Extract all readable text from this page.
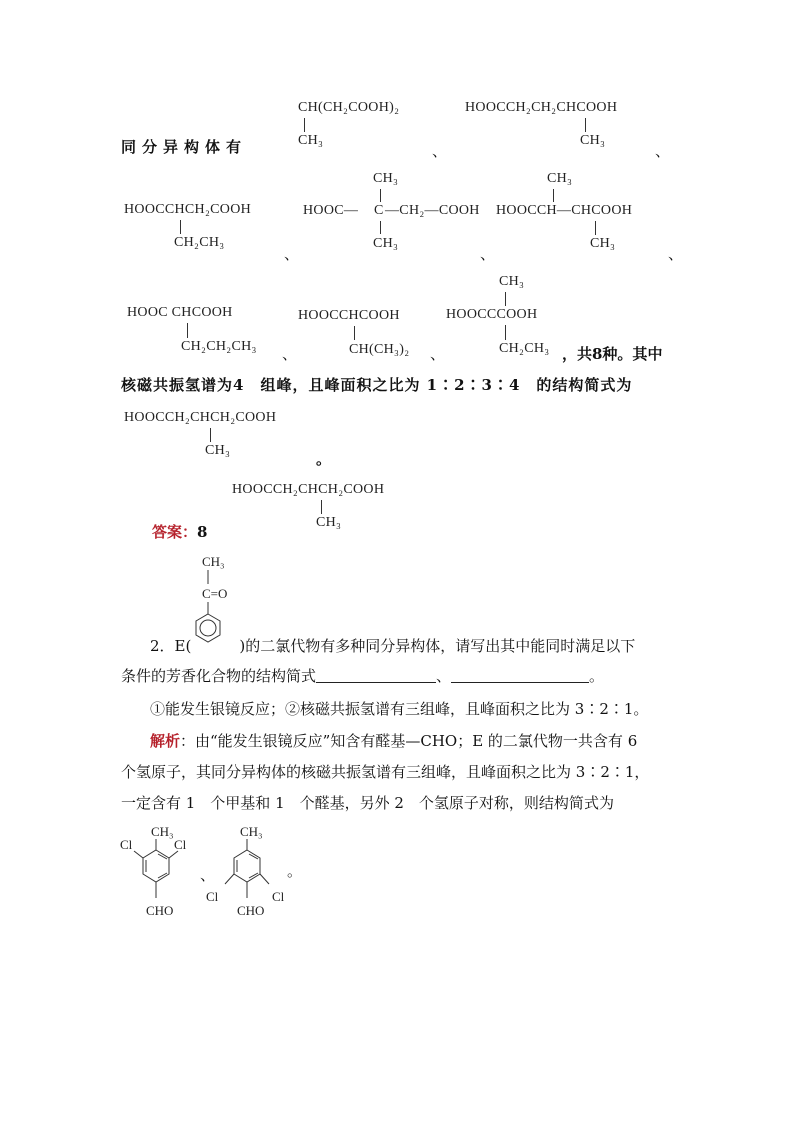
CH(CH₂COOH)₂
CH₃
同分异构体有	、
HOOCCH₂CH₂CHCOOH
CH₃
、
HOOCCHCH₂COOH
CH₂CH₃
、
CH₃
HOOC— C —CH₂—COOH
CH₃
、
CH₃
HOOCCH—CHCOOH
CH₃
、
HOOC CHCOOH
CH₂CH₂CH₃ 、
HOOCCHCOOH
CH(CH₃)₂ 、
CH₃
HOOCCCOOH
CH₂CH₃ ，共8种。其中
核磁共振氢谱为4　组峰，且峰面积之比为 1∶2∶3∶4　的结构简式为
HOOCCH₂CHCH₂COOH
CH₃	。
HOOCCH₂CHCH₂COOH
CH₃
答案：8
CH₃
C=O
2．E(	)的二氯代物有多种同分异构体，请写出其中能同时满足以下
条件的芳香化合物的结构简式	、	。
①能发生银镜反应；②核磁共振氢谱有三组峰，且峰面积之比为 3∶2∶1。
解析：由“能发生银镜反应”知含有醛基—CHO；E 的二氯代物一共含有 6
个氢原子，其同分异构体的核磁共振氢谱有三组峰，且峰面积之比为 3∶2∶1，
一定含有 1　个甲基和 1　个醛基，另外 2　个氢原子对称，则结构简式为
CH₃
Cl	Cl
CHO
、
CH₃
Cl	Cl
CHO
。
